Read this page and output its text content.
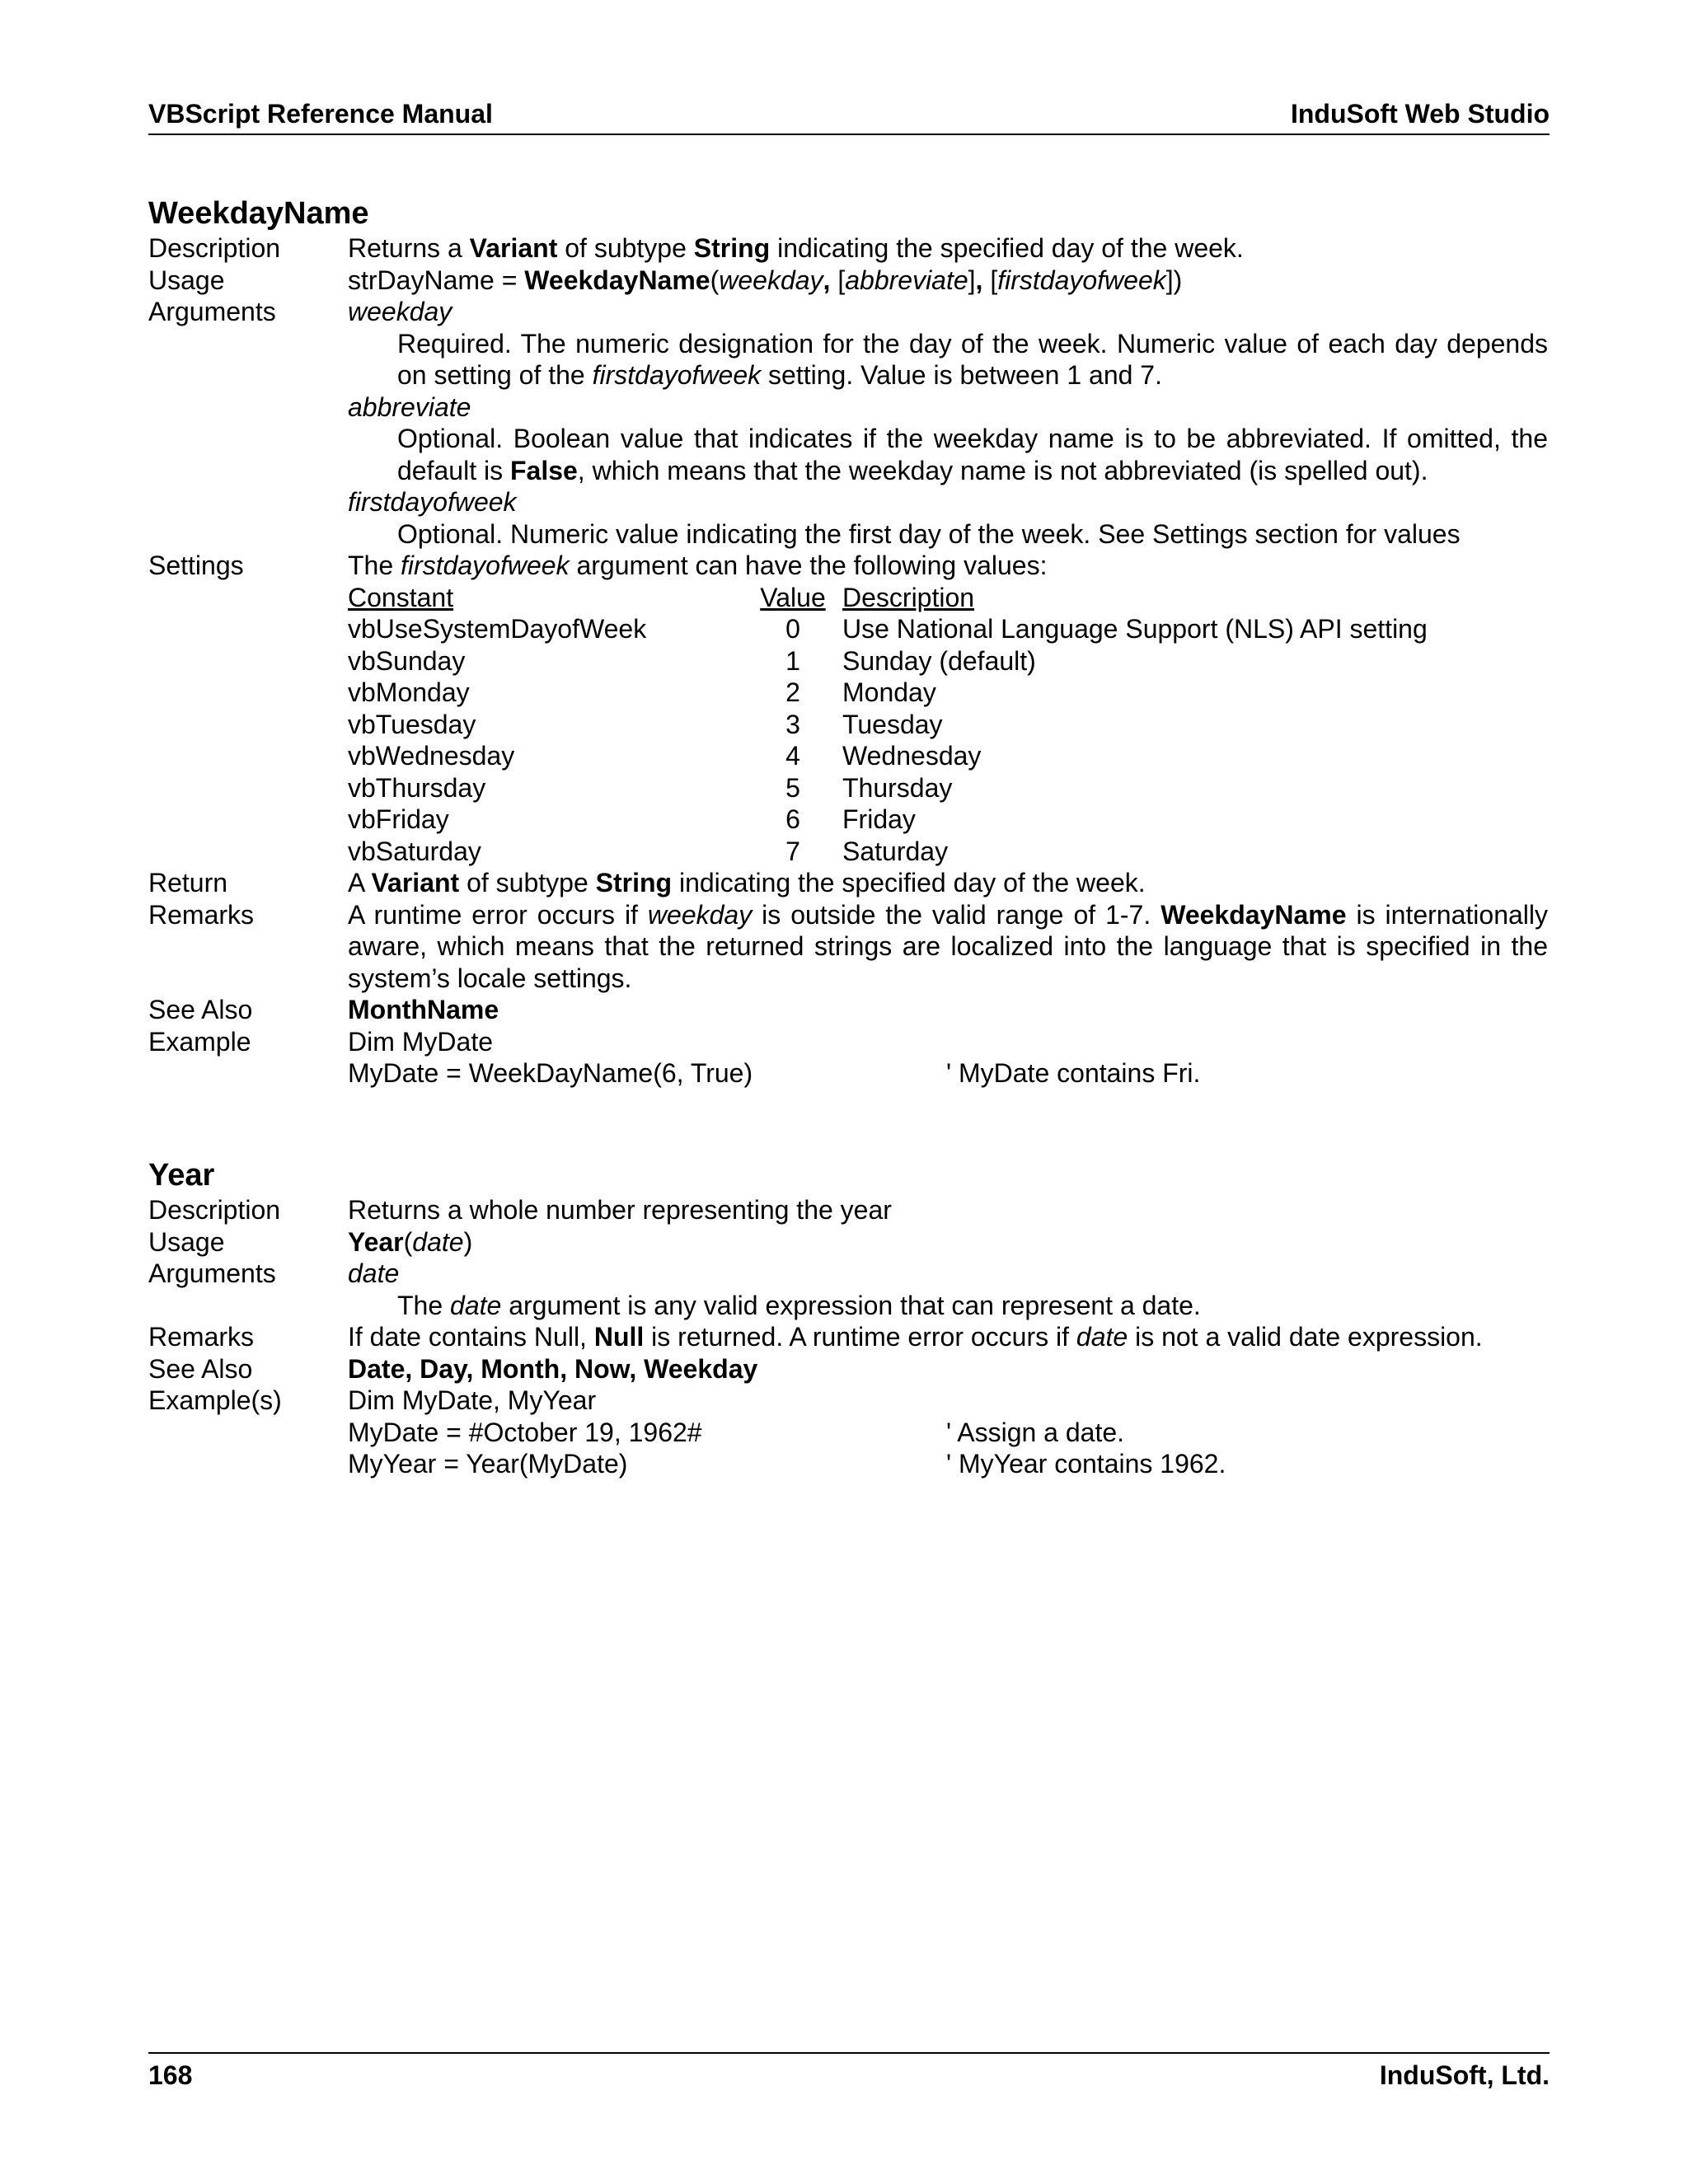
VBScript Reference Manual	InduSoft Web Studio
WeekdayName
Description	Returns a Variant of subtype String indicating the specified day of the week.
Usage	strDayName = WeekdayName(weekday, [abbreviate], [firstdayofweek])
Arguments	weekday
Required. The numeric designation for the day of the week. Numeric value of each day depends on setting of the firstdayofweek setting. Value is between 1 and 7.
abbreviate
Optional. Boolean value that indicates if the weekday name is to be abbreviated. If omitted, the default is False, which means that the weekday name is not abbreviated (is spelled out).
firstdayofweek
Optional. Numeric value indicating the first day of the week. See Settings section for values
Settings	The firstdayofweek argument can have the following values:
Constant	Value Description
vbUseSystemDayofWeek	0	Use National Language Support (NLS) API setting
vbSunday	1	Sunday (default)
vbMonday	2	Monday
vbTuesday	3	Tuesday
vbWednesday	4	Wednesday
vbThursday	5	Thursday
vbFriday	6	Friday
vbSaturday	7	Saturday
Return	A Variant of subtype String indicating the specified day of the week.
Remarks	A runtime error occurs if weekday is outside the valid range of 1-7. WeekdayName is internationally aware, which means that the returned strings are localized into the language that is specified in the system’s locale settings.
See Also	MonthName
Example	Dim MyDate
MyDate = WeekDayName(6, True)	' MyDate contains Fri.
Year
Description	Returns a whole number representing the year
Usage	Year(date)
Arguments	date
The date argument is any valid expression that can represent a date.
Remarks	If date contains Null, Null is returned. A runtime error occurs if date is not a valid date expression.
See Also	Date, Day, Month, Now, Weekday
Example(s)	Dim MyDate, MyYear
MyDate = #October 19, 1962#	' Assign a date.
MyYear = Year(MyDate)	' MyYear contains 1962.
168	InduSoft, Ltd.
